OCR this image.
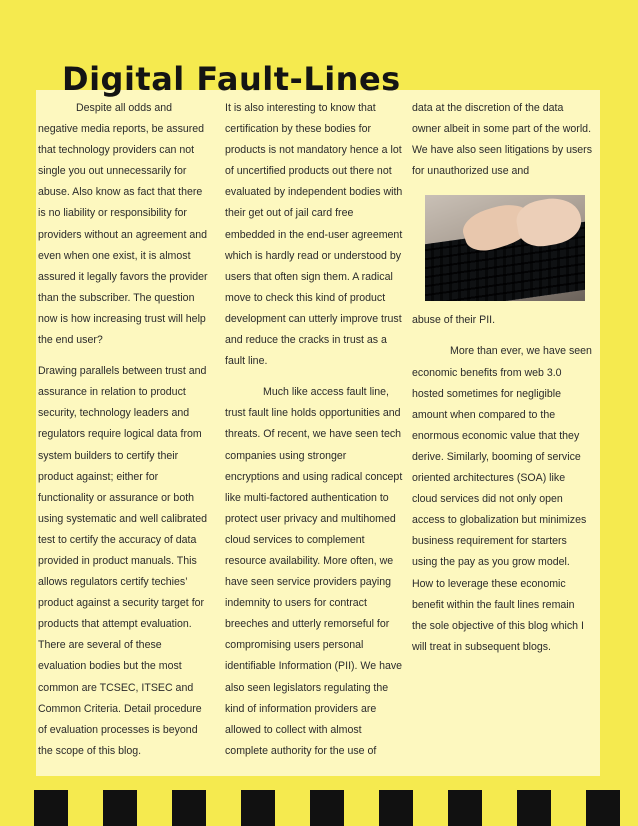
Digital Fault-Lines

Despite all odds and negative media reports, be assured that technology providers can not single you out unnecessarily for abuse. Also know as fact that there is no liability or responsibility for providers without an agreement and even when one exist, it is almost assured it legally favors the provider than the subscriber. The question now is how increasing trust will help the end user?

Drawing parallels between trust and assurance in relation to product security, technology leaders and regulators require logical data from system builders to certify their product against; either for functionality or assurance or both using systematic and well calibrated test to certify the accuracy of data provided in product manuals. This allows regulators certify techies’ product against a security target for products that attempt evaluation. There are several of these evaluation bodies but the most common are TCSEC, ITSEC and Common Criteria. Detail procedure of evaluation processes is beyond the scope of this blog.

It is also interesting to know that certification by these bodies for products is not mandatory hence a lot of uncertified products out there not evaluated by independent bodies with their get out of jail card free embedded in the end-user agreement which is hardly read or understood by users that often sign them. A radical move to check this kind of product development can utterly improve trust and reduce the cracks in trust as a fault line.

Much like access fault line, trust fault line holds opportunities and threats. Of recent, we have seen tech companies using stronger encryptions and using radical concept like multi-factored authentication to protect user privacy and multihomed cloud services to complement resource availability. More often, we have seen service providers paying indemnity to users for contract breeches and utterly remorseful for compromising users personal identifiable Information (PII). We have also seen legislators regulating the kind of information providers are allowed to collect with almost complete authority for the use of

data at the discretion of the data owner albeit in some part of the world. We have also seen litigations by users for unauthorized use and

abuse of their PII.

More than ever, we have seen economic benefits from web 3.0 hosted sometimes for negligible amount when compared to the enormous economic value that they derive. Similarly, booming of service oriented architectures (SOA) like cloud services did not only open access to globalization but minimizes business requirement for starters using the pay as you grow model. How to leverage these economic benefit within the fault lines remain the sole objective of this blog which I will treat in subsequent blogs.
